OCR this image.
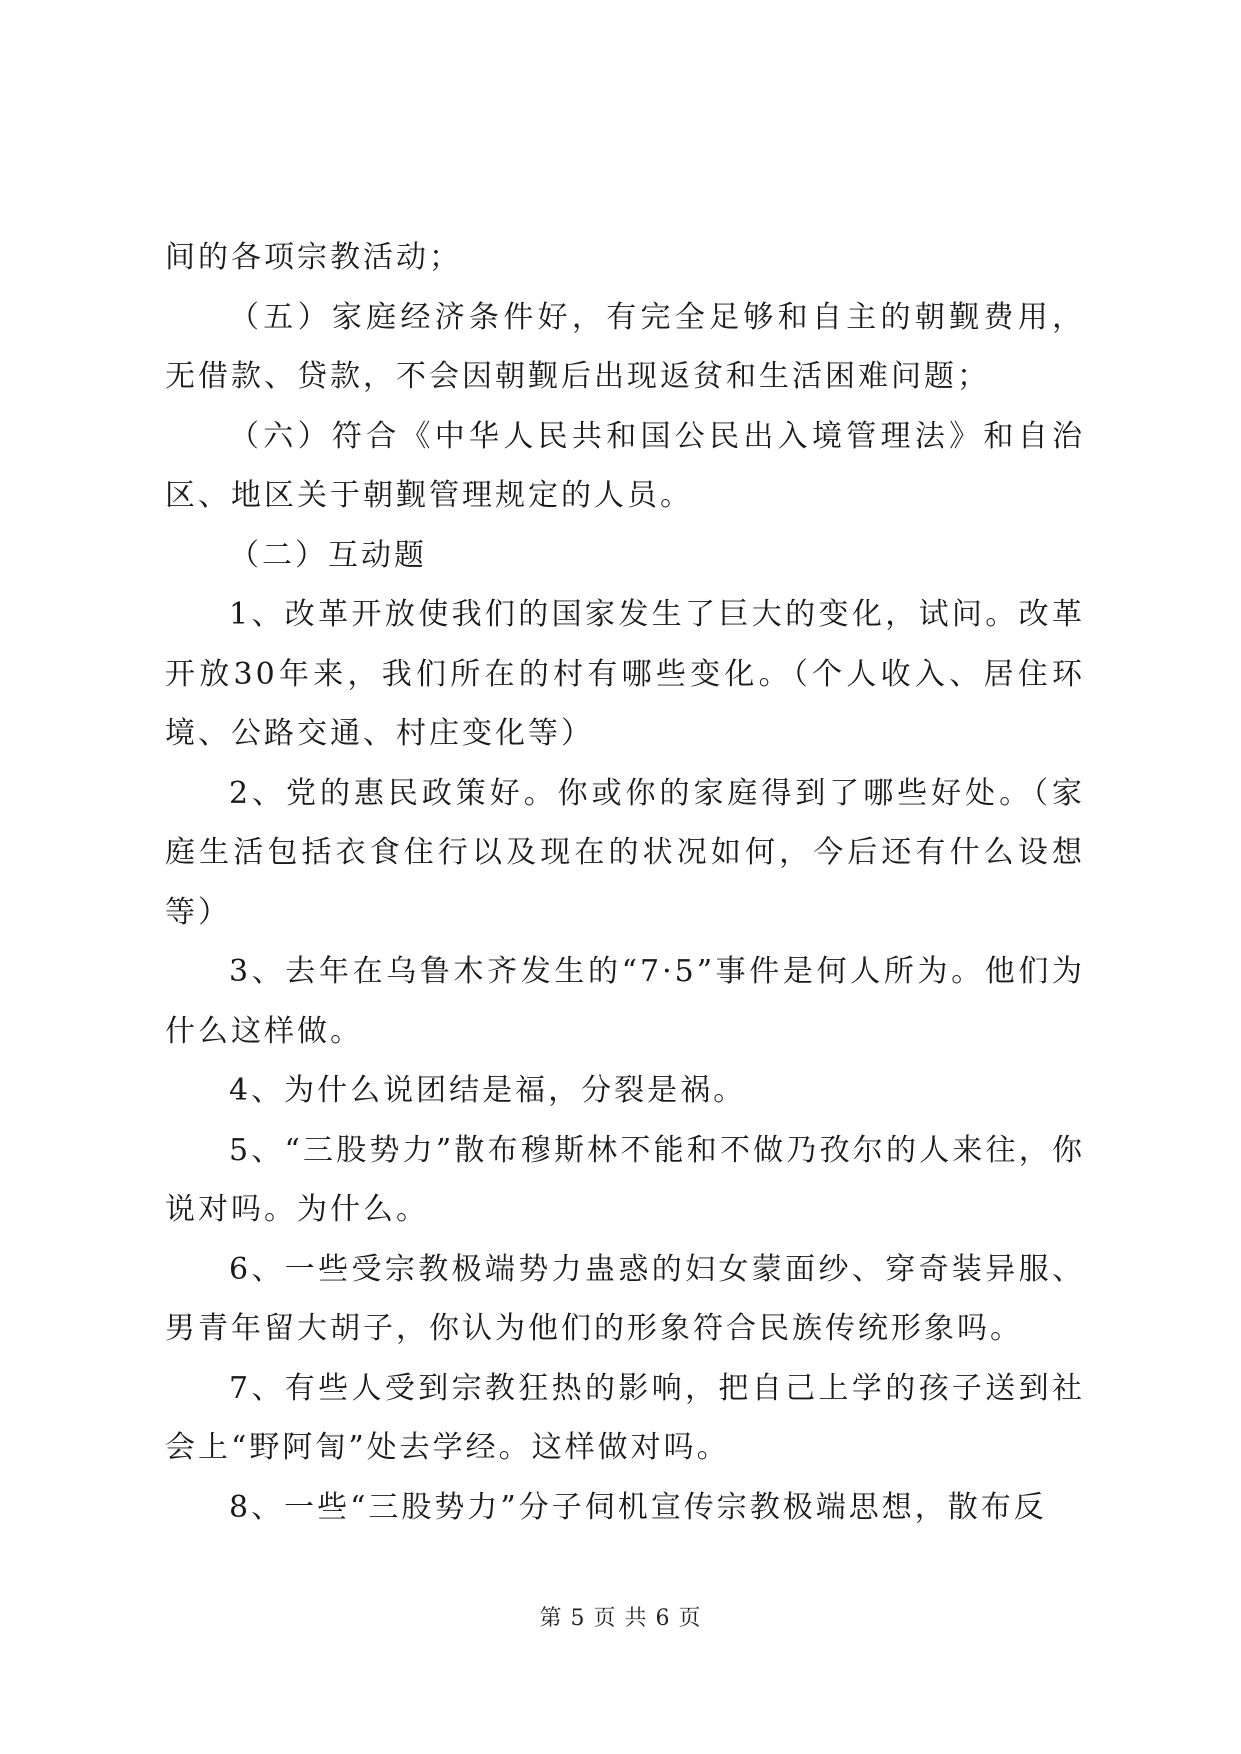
间的各项宗教活动；

（五）家庭经济条件好，有完全足够和自主的朝觐费用，无借款、贷款，不会因朝觐后出现返贫和生活困难问题；

（六）符合《中华人民共和国公民出入境管理法》和自治区、地区关于朝觐管理规定的人员。

（二）互动题

1、改革开放使我们的国家发生了巨大的变化，试问。改革开放30年来，我们所在的村有哪些变化。（个人收入、居住环境、公路交通、村庄变化等）

2、党的惠民政策好。你或你的家庭得到了哪些好处。（家庭生活包括衣食住行以及现在的状况如何，今后还有什么设想等）

3、去年在乌鲁木齐发生的“7·5”事件是何人所为。他们为什么这样做。

4、为什么说团结是福，分裂是祸。

5、“三股势力”散布穆斯林不能和不做乃孜尔的人来往，你说对吗。为什么。

6、一些受宗教极端势力蛊惑的妇女蒙面纱、穿奇装异服、男青年留大胡子，你认为他们的形象符合民族传统形象吗。

7、有些人受到宗教狂热的影响，把自己上学的孩子送到社会上“野阿訇”处去学经。这样做对吗。

8、一些“三股势力”分子伺机宣传宗教极端思想，散布反

第 5 页 共 6 页
